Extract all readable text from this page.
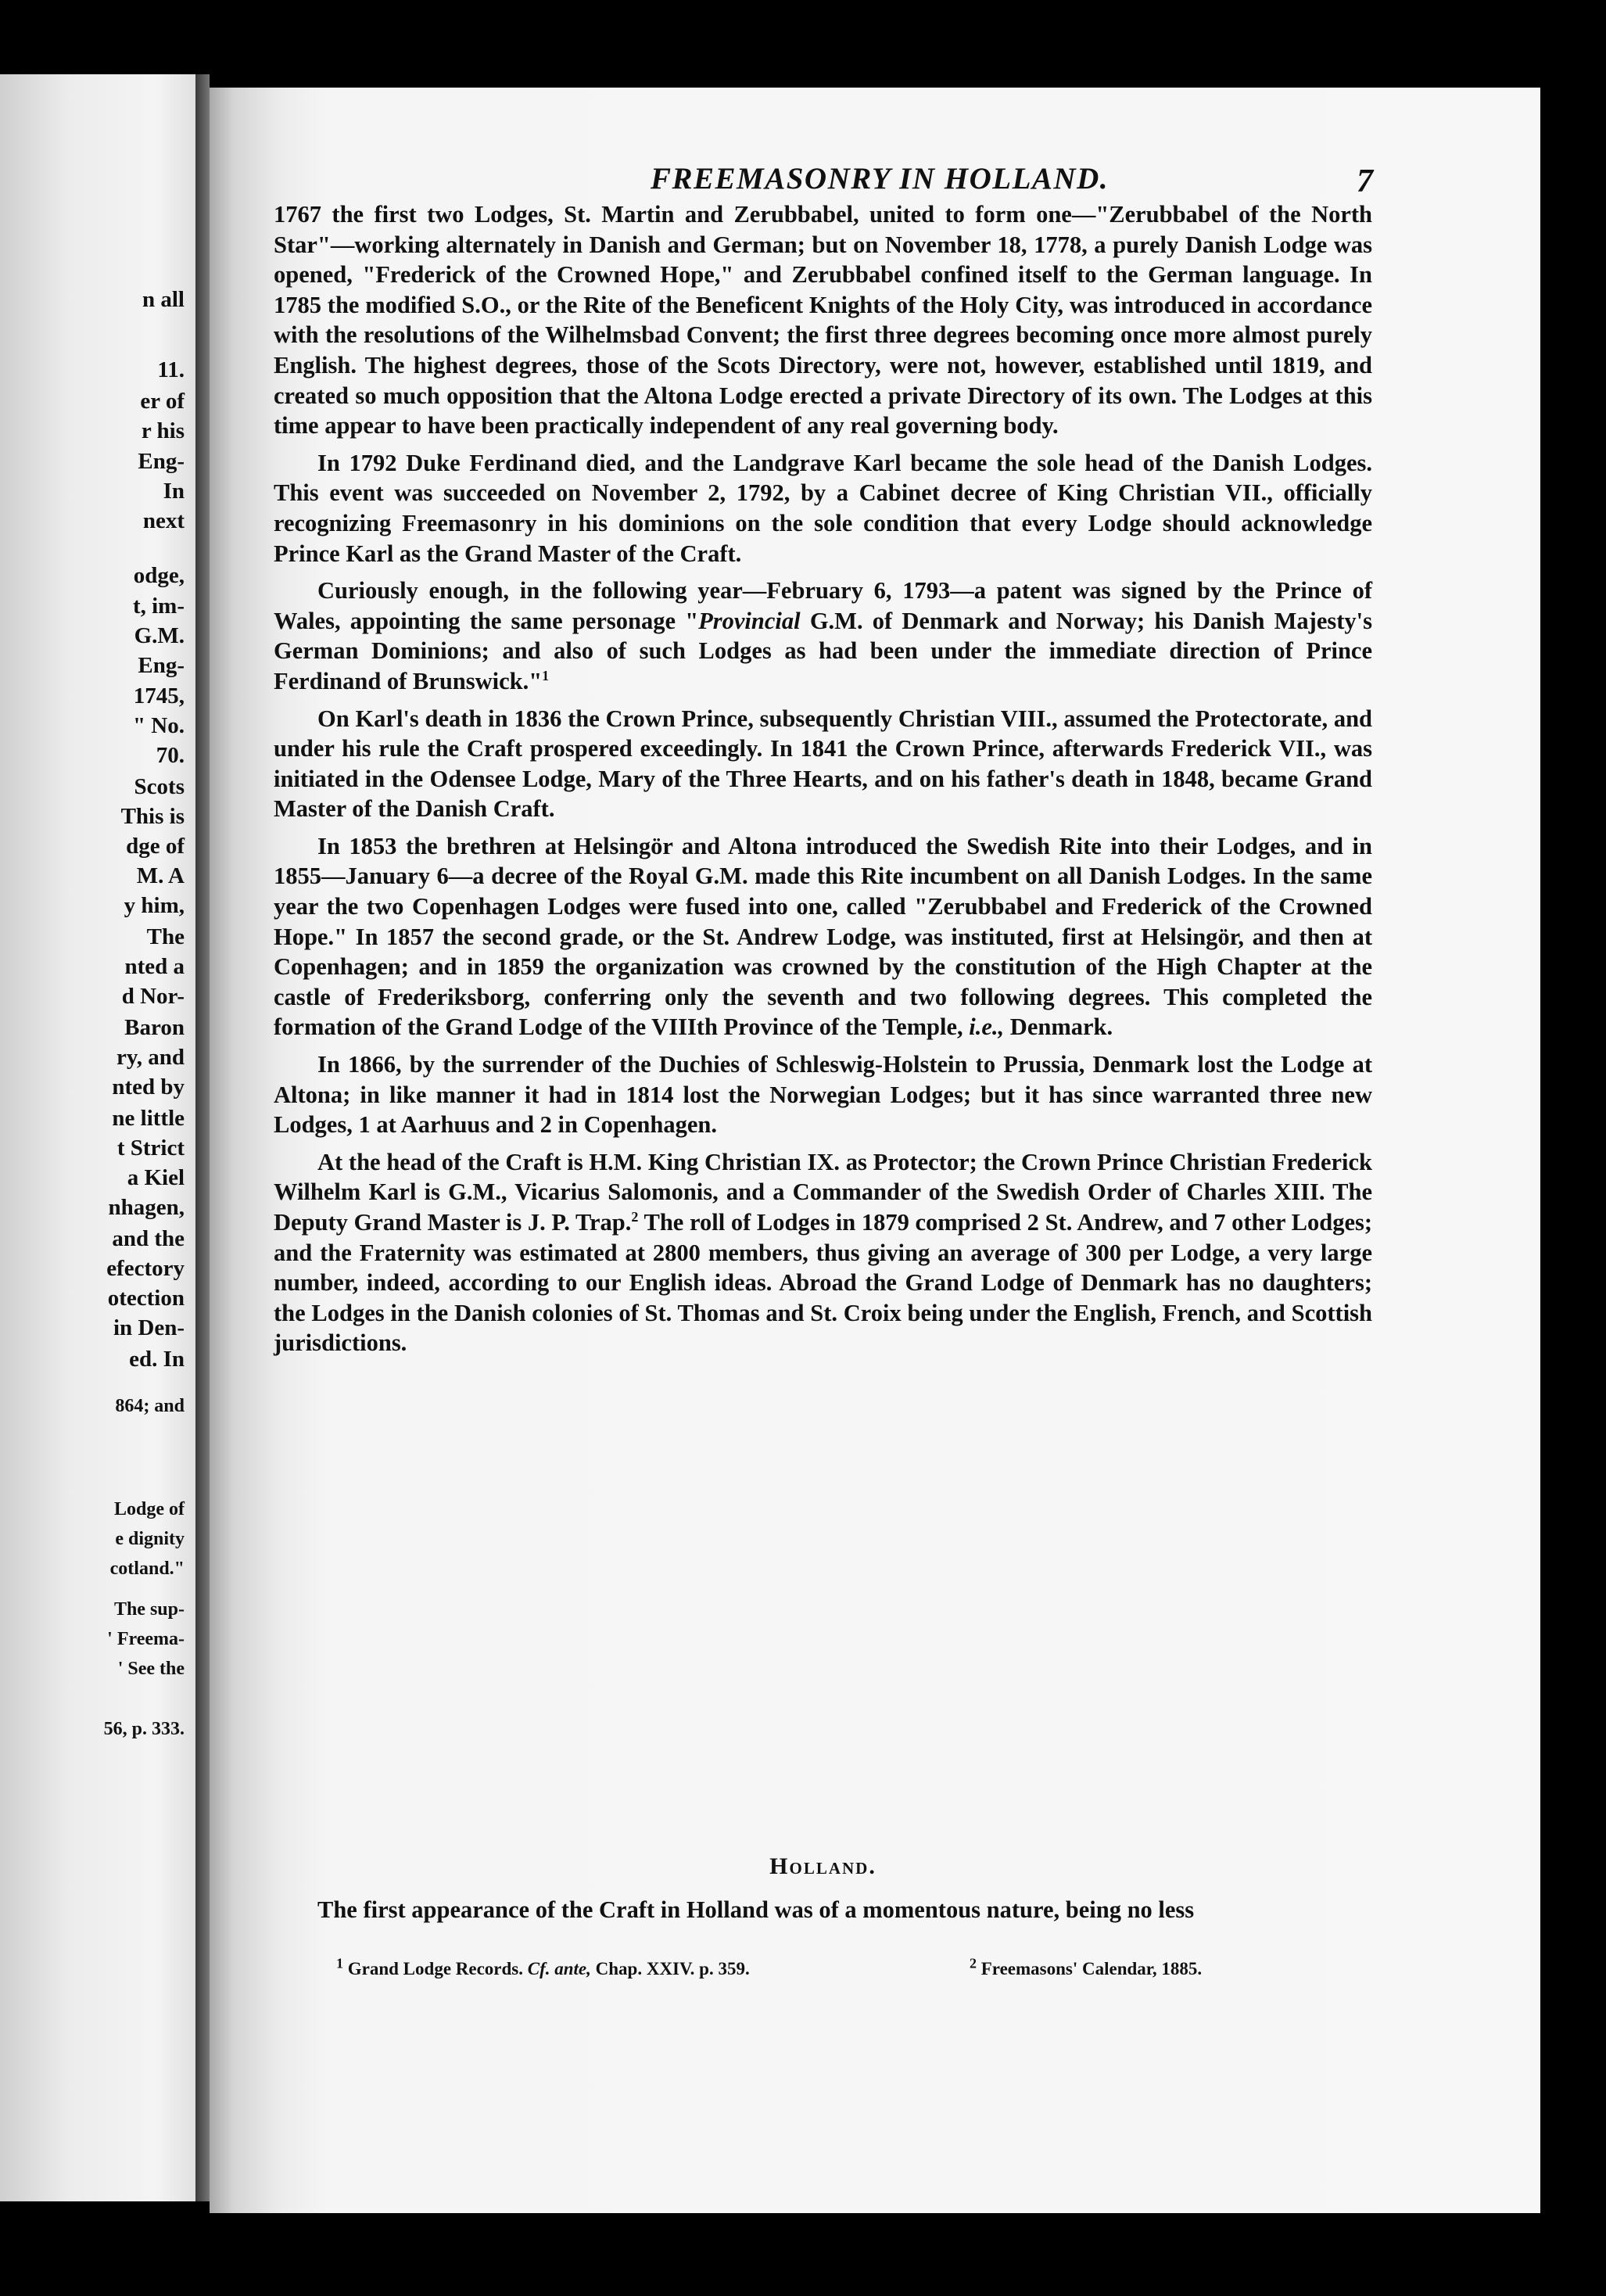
n all
11.
er of
r his
Eng-
In
next
odge,
t, im-
G.M.
Eng-
1745,
" No.
70.
Scots
This is
dge of
M. A
y him,
The
nted a
d Nor-
Baron
ry, and
nted by
ne little
t Strict
a Kiel
nhagen,
and the
efectory
otection
in Den-
ed. In
864; and
Lodge of
e dignity
cotland."
The sup-
' Freema-
' See the
56, p. 333.
FREEMASONRY IN HOLLAND.	7

1767 the first two Lodges, St. Martin and Zerubbabel, united to form one—"Zerubbabel of the North Star"—working alternately in Danish and German; but on November 18, 1778, a purely Danish Lodge was opened, "Frederick of the Crowned Hope," and Zerubbabel confined itself to the German language. In 1785 the modified S.O., or the Rite of the Beneficent Knights of the Holy City, was introduced in accordance with the resolutions of the Wilhelmsbad Convent; the first three degrees becoming once more almost purely English. The highest degrees, those of the Scots Directory, were not, however, established until 1819, and created so much opposition that the Altona Lodge erected a private Directory of its own. The Lodges at this time appear to have been practically independent of any real governing body.

In 1792 Duke Ferdinand died, and the Landgrave Karl became the sole head of the Danish Lodges. This event was succeeded on November 2, 1792, by a Cabinet decree of King Christian VII., officially recognizing Freemasonry in his dominions on the sole condition that every Lodge should acknowledge Prince Karl as the Grand Master of the Craft.

Curiously enough, in the following year—February 6, 1793—a patent was signed by the Prince of Wales, appointing the same personage "Provincial G.M. of Denmark and Norway; his Danish Majesty's German Dominions; and also of such Lodges as had been under the immediate direction of Prince Ferdinand of Brunswick."$^1$

On Karl's death in 1836 the Crown Prince, subsequently Christian VIII., assumed the Protectorate, and under his rule the Craft prospered exceedingly. In 1841 the Crown Prince, afterwards Frederick VII., was initiated in the Odensee Lodge, Mary of the Three Hearts, and on his father's death in 1848, became Grand Master of the Danish Craft.

In 1853 the brethren at Helsingör and Altona introduced the Swedish Rite into their Lodges, and in 1855—January 6—a decree of the Royal G.M. made this Rite incumbent on all Danish Lodges. In the same year the two Copenhagen Lodges were fused into one, called "Zerubbabel and Frederick of the Crowned Hope." In 1857 the second grade, or the St. Andrew Lodge, was instituted, first at Helsingör, and then at Copenhagen; and in 1859 the organization was crowned by the constitution of the High Chapter at the castle of Frederiksborg, conferring only the seventh and two following degrees. This completed the formation of the Grand Lodge of the VIIIth Province of the Temple, i.e., Denmark.

In 1866, by the surrender of the Duchies of Schleswig-Holstein to Prussia, Denmark lost the Lodge at Altona; in like manner it had in 1814 lost the Norwegian Lodges; but it has since warranted three new Lodges, 1 at Aarhuus and 2 in Copenhagen.

At the head of the Craft is H.M. King Christian IX. as Protector; the Crown Prince Christian Frederick Wilhelm Karl is G.M., Vicarius Salomonis, and a Commander of the Swedish Order of Charles XIII. The Deputy Grand Master is J. P. Trap.$^2$ The roll of Lodges in 1879 comprised 2 St. Andrew, and 7 other Lodges; and the Fraternity was estimated at 2800 members, thus giving an average of 300 per Lodge, a very large number, indeed, according to our English ideas. Abroad the Grand Lodge of Denmark has no daughters; the Lodges in the Danish colonies of St. Thomas and St. Croix being under the English, French, and Scottish jurisdictions.

Holland.
The first appearance of the Craft in Holland was of a momentous nature, being no less
$^1$ Grand Lodge Records. Cf. ante, Chap. XXIV. p. 359.	$^2$ Freemasons' Calendar, 1885.
